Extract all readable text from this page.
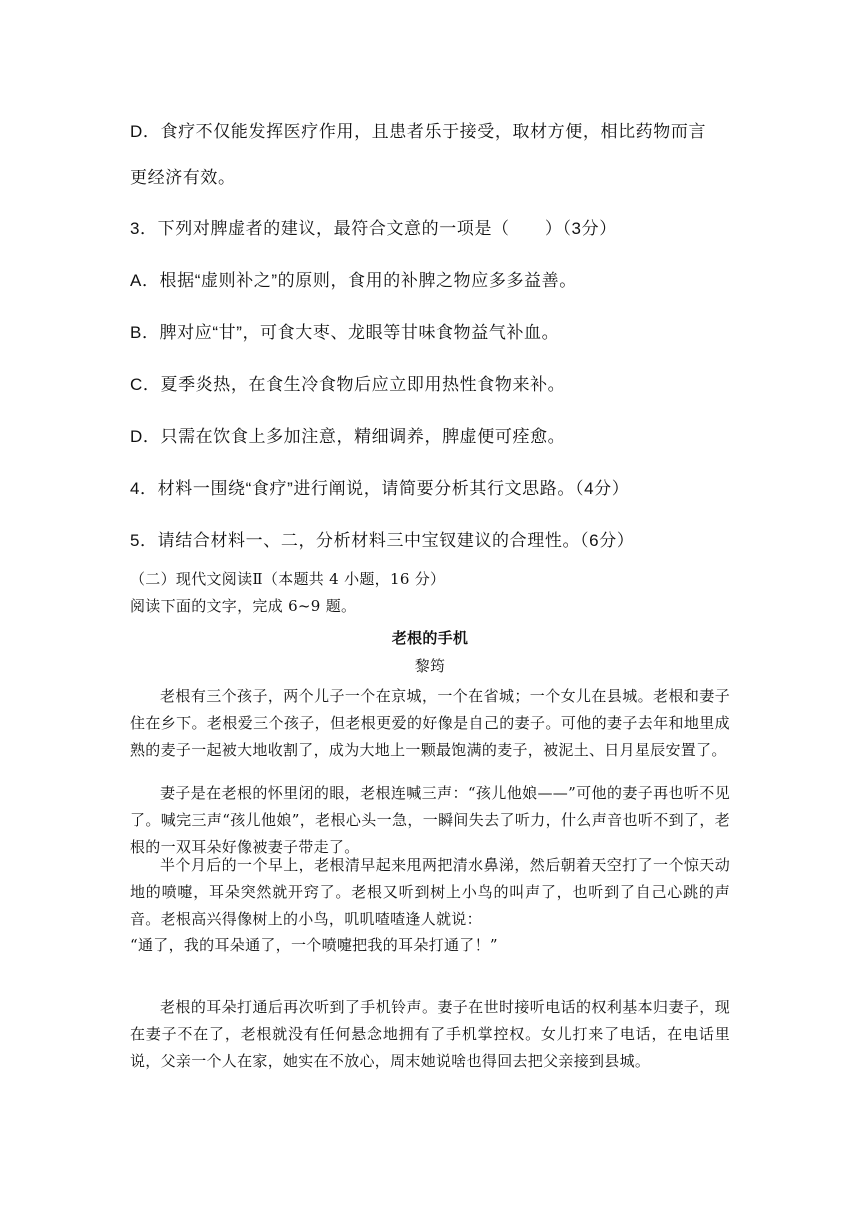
D．食疗不仅能发挥医疗作用，且患者乐于接受，取材方便，相比药物而言
更经济有效。
3．下列对脾虚者的建议，最符合文意的一项是（　　）（3分）
A．根据“虚则补之”的原则，食用的补脾之物应多多益善。
B．脾对应“甘”，可食大枣、龙眼等甘味食物益气补血。
C．夏季炎热，在食生冷食物后应立即用热性食物来补。
D．只需在饮食上多加注意，精细调养，脾虚便可痊愈。
4．材料一围绕“食疗”进行阐说，请简要分析其行文思路。（4分）
5．请结合材料一、二，分析材料三中宝钗建议的合理性。（6分）
（二）现代文阅读Ⅱ（本题共 4 小题，16 分）
阅读下面的文字，完成 6~9 题。
老根的手机
黎筠
老根有三个孩子，两个儿子一个在京城，一个在省城；一个女儿在县城。老根和妻子住在乡下。老根爱三个孩子，但老根更爱的好像是自己的妻子。可他的妻子去年和地里成熟的麦子一起被大地收割了，成为大地上一颗最饱满的麦子，被泥土、日月星辰安置了。
妻子是在老根的怀里闭的眼，老根连喊三声：“孩儿他娘——”可他的妻子再也听不见了。喊完三声“孩儿他娘”，老根心头一急，一瞬间失去了听力，什么声音也听不到了，老根的一双耳朵好像被妻子带走了。
半个月后的一个早上，老根清早起来甩两把清水鼻涕，然后朝着天空打了一个惊天动地的喷嚏，耳朵突然就开窍了。老根又听到树上小鸟的叫声了，也听到了自己心跳的声音。老根高兴得像树上的小鸟，叽叽喳喳逢人就说：
“通了，我的耳朵通了，一个喷嚏把我的耳朵打通了！”
老根的耳朵打通后再次听到了手机铃声。妻子在世时接听电话的权利基本归妻子，现在妻子不在了，老根就没有任何悬念地拥有了手机掌控权。女儿打来了电话，在电话里说，父亲一个人在家，她实在不放心，周末她说啥也得回去把父亲接到县城。
